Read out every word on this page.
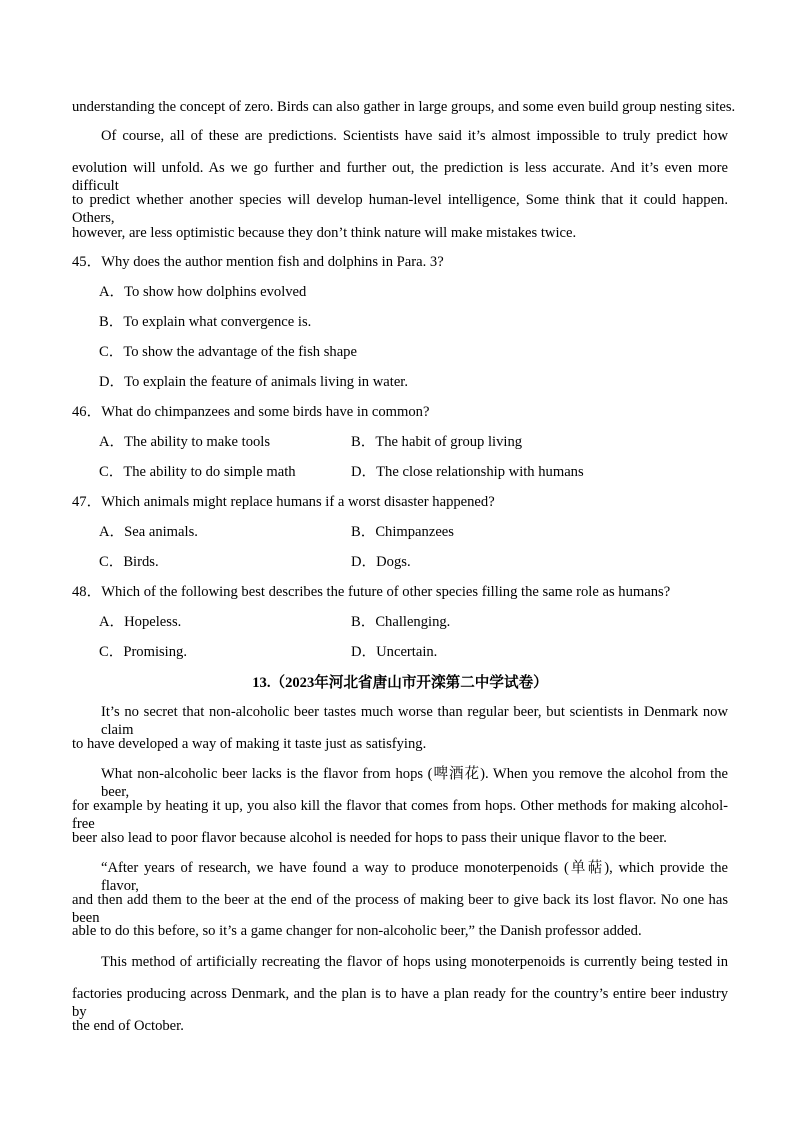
understanding the concept of zero. Birds can also gather in large groups, and some even build group nesting sites.
Of course, all of these are predictions. Scientists have said it’s almost impossible to truly predict how
evolution will unfold. As we go further and further out, the prediction is less accurate. And it’s even more difficult
to predict whether another species will develop human-level intelligence, Some think that it could happen. Others,
however, are less optimistic because they don’t think nature will make mistakes twice.
45．Why does the author mention fish and dolphins in Para. 3?
A．To show how dolphins evolved
B．To explain what convergence is.
C．To show the advantage of the fish shape
D．To explain the feature of animals living in water.
46．What do chimpanzees and some birds have in common?
A．The ability to make tools	B．The habit of group living
C．The ability to do simple math	D．The close relationship with humans
47．Which animals might replace humans if a worst disaster happened?
A．Sea animals.	B．Chimpanzees
C．Birds.	D．Dogs.
48．Which of the following best describes the future of other species filling the same role as humans?
A．Hopeless.	B．Challenging.
C．Promising.	D．Uncertain.
13.（2023年河北省唐山市开滦第二中学试卷）
It’s no secret that non-alcoholic beer tastes much worse than regular beer, but scientists in Denmark now claim
to have developed a way of making it taste just as satisfying.
What non-alcoholic beer lacks is the flavor from hops (啤酒花). When you remove the alcohol from the beer,
for example by heating it up, you also kill the flavor that comes from hops. Other methods for making alcohol-free
beer also lead to poor flavor because alcohol is needed for hops to pass their unique flavor to the beer.
“After years of research, we have found a way to produce monoterpenoids (单萜), which provide the flavor,
and then add them to the beer at the end of the process of making beer to give back its lost flavor. No one has been
able to do this before, so it’s a game changer for non-alcoholic beer,” the Danish professor added.
This method of artificially recreating the flavor of hops using monoterpenoids is currently being tested in
factories producing across Denmark, and the plan is to have a plan ready for the country’s entire beer industry by
the end of October.
